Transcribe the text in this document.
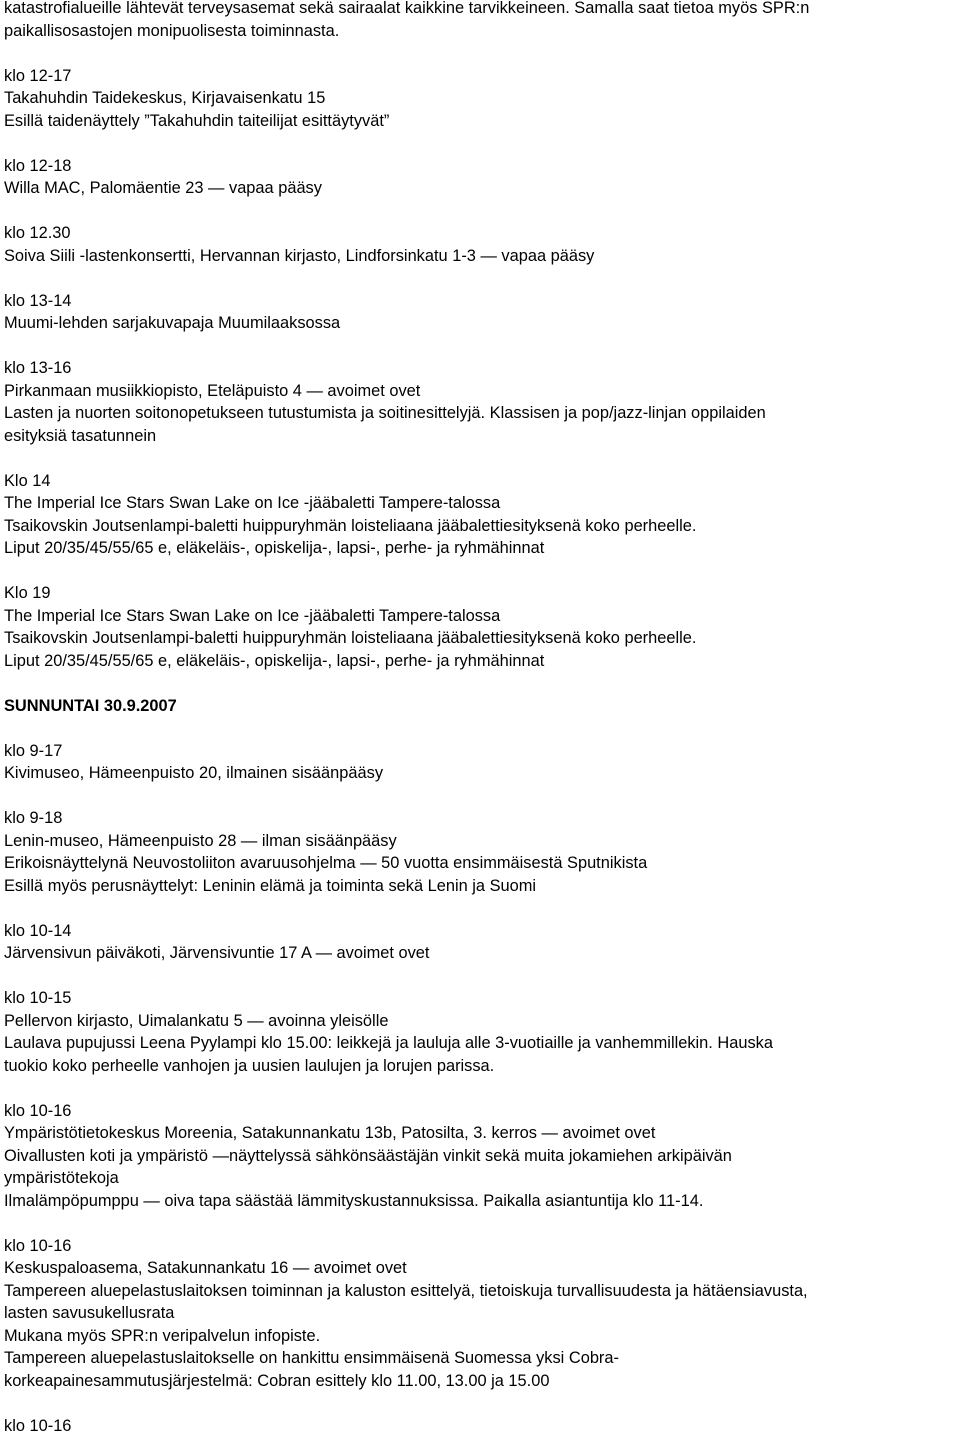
katastrofialueille lähtevät terveysasemat sekä sairaalat kaikkine tarvikkeineen. Samalla saat tietoa myös SPR:n
paikallisosastojen monipuolisesta toiminnasta.
klo 12-17
Takahuhdin Taidekeskus, Kirjavaisenkatu 15
Esillä taidenäyttely ”Takahuhdin taiteilijat esittäytyvät”
klo 12-18
Willa MAC, Palomäentie 23 — vapaa pääsy
klo 12.30
Soiva Siili -lastenkonsertti, Hervannan kirjasto, Lindforsinkatu 1-3 — vapaa pääsy
klo 13-14
Muumi-lehden sarjakuvapaja Muumilaaksossa
klo 13-16
Pirkanmaan musiikkiopisto, Eteläpuisto 4 — avoimet ovet
Lasten ja nuorten soitonopetukseen tutustumista ja soitinesittelyjä. Klassisen ja pop/jazz-linjan oppilaiden
esityksiä tasatunnein
Klo 14
The Imperial Ice Stars Swan Lake on Ice -jääbaletti Tampere-talossa
Tsaikovskin Joutsenlampi-baletti huippuryhmän loisteliaana jääbalettiesityksenä koko perheelle.
Liput 20/35/45/55/65 e, eläkeläis-, opiskelija-, lapsi-, perhe- ja ryhmähinnat
Klo 19
The Imperial Ice Stars Swan Lake on Ice -jääbaletti Tampere-talossa
Tsaikovskin Joutsenlampi-baletti huippuryhmän loisteliaana jääbalettiesityksenä koko perheelle.
Liput 20/35/45/55/65 e, eläkeläis-, opiskelija-, lapsi-, perhe- ja ryhmähinnat
SUNNUNTAI 30.9.2007
klo 9-17
Kivimuseo, Hämeenpuisto 20, ilmainen sisäänpääsy
klo 9-18
Lenin-museo, Hämeenpuisto 28 — ilman sisäänpääsy
Erikoisnäyttelynä Neuvostoliiton avaruusohjelma — 50 vuotta ensimmäisestä Sputnikista
Esillä myös perusnäyttelyt: Leninin elämä ja toiminta sekä Lenin ja Suomi
klo 10-14
Järvensivun päiväkoti, Järvensivuntie 17 A — avoimet ovet
klo 10-15
Pellervon kirjasto, Uimalankatu 5 — avoinna yleisölle
Laulava pupujussi Leena Pyylampi klo 15.00: leikkejä ja lauluja alle 3-vuotiaille ja vanhemmillekin. Hauska
tuokio koko perheelle vanhojen ja uusien laulujen ja lorujen parissa.
klo 10-16
Ympäristötietokeskus Moreenia, Satakunnankatu 13b, Patosilta, 3. kerros — avoimet ovet
Oivallusten koti ja ympäristö —näyttelyssä sähkönsäästäjän vinkit sekä muita jokamiehen arkipäivän
ympäristötekoja
Ilmalämpöpumppu — oiva tapa säästää lämmityskustannuksissa. Paikalla asiantuntija klo 11-14.
klo 10-16
Keskuspaloasema, Satakunnankatu 16 — avoimet ovet
Tampereen aluepelastuslaitoksen toiminnan ja kaluston esittelyä, tietoiskuja turvallisuudesta ja hätäensiavusta,
lasten savusukellusrata
Mukana myös SPR:n veripalvelun infopiste.
Tampereen aluepelastuslaitokselle on hankittu ensimmäisenä Suomessa yksi Cobra-
korkeapainesammutusjärjestelmä: Cobran esittely klo 11.00, 13.00 ja 15.00
klo 10-16
